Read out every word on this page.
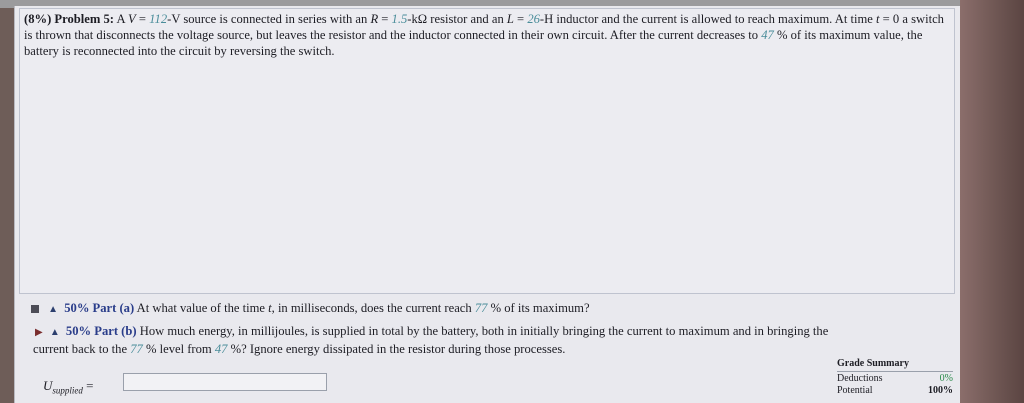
(8%) Problem 5: A V = 112-V source is connected in series with an R = 1.5-kΩ resistor and an L = 26-H inductor and the current is allowed to reach maximum. At time t = 0 a switch is thrown that disconnects the voltage source, but leaves the resistor and the inductor connected in their own circuit. After the current decreases to 47 % of its maximum value, the battery is reconnected into the circuit by reversing the switch.
▲ 50% Part (a) At what value of the time t, in milliseconds, does the current reach 77 % of its maximum?
▶ ▲ 50% Part (b) How much energy, in millijoules, is supplied in total by the battery, both in initially bringing the current to maximum and in bringing the
current back to the 77 % level from 47 %? Ignore energy dissipated in the resistor during those processes.
$U_{supplied}$ =
Grade Summary
Deductions	0%
Potential	100%
